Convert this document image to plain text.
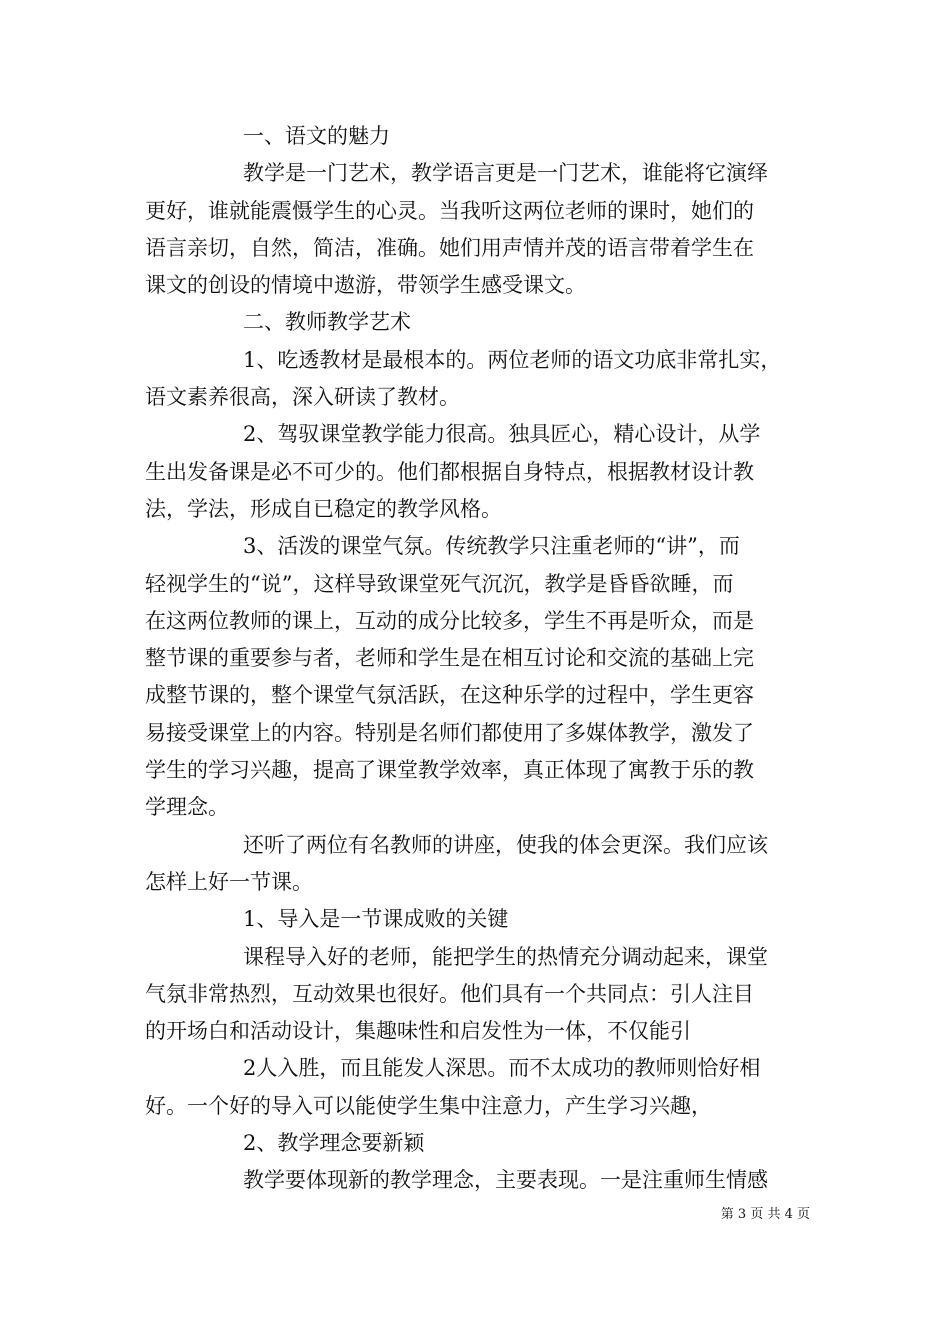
一、语文的魅力
教学是一门艺术，教学语言更是一门艺术，谁能将它演绎
更好，谁就能震慑学生的心灵。当我听这两位老师的课时，她们的
语言亲切，自然，简洁，准确。她们用声情并茂的语言带着学生在
课文的创设的情境中遨游，带领学生感受课文。
二、教师教学艺术
1、吃透教材是最根本的。两位老师的语文功底非常扎实，
语文素养很高，深入研读了教材。
2、驾驭课堂教学能力很高。独具匠心，精心设计，从学
生出发备课是必不可少的。他们都根据自身特点，根据教材设计教
法，学法，形成自已稳定的教学风格。
3、活泼的课堂气氛。传统教学只注重老师的“讲”，而
轻视学生的“说”，这样导致课堂死气沉沉，教学是昏昏欲睡，而
在这两位教师的课上，互动的成分比较多，学生不再是听众，而是
整节课的重要参与者，老师和学生是在相互讨论和交流的基础上完
成整节课的，整个课堂气氛活跃，在这种乐学的过程中，学生更容
易接受课堂上的内容。特别是名师们都使用了多媒体教学，激发了
学生的学习兴趣，提高了课堂教学效率，真正体现了寓教于乐的教
学理念。
还听了两位有名教师的讲座，使我的体会更深。我们应该
怎样上好一节课。
1、导入是一节课成败的关键
课程导入好的老师，能把学生的热情充分调动起来，课堂
气氛非常热烈，互动效果也很好。他们具有一个共同点：引人注目
的开场白和活动设计，集趣味性和启发性为一体，不仅能引
2人入胜，而且能发人深思。而不太成功的教师则恰好相
好。一个好的导入可以能使学生集中注意力，产生学习兴趣，
2、教学理念要新颖
教学要体现新的教学理念，主要表现。一是注重师生情感
第 3 页 共 4 页
